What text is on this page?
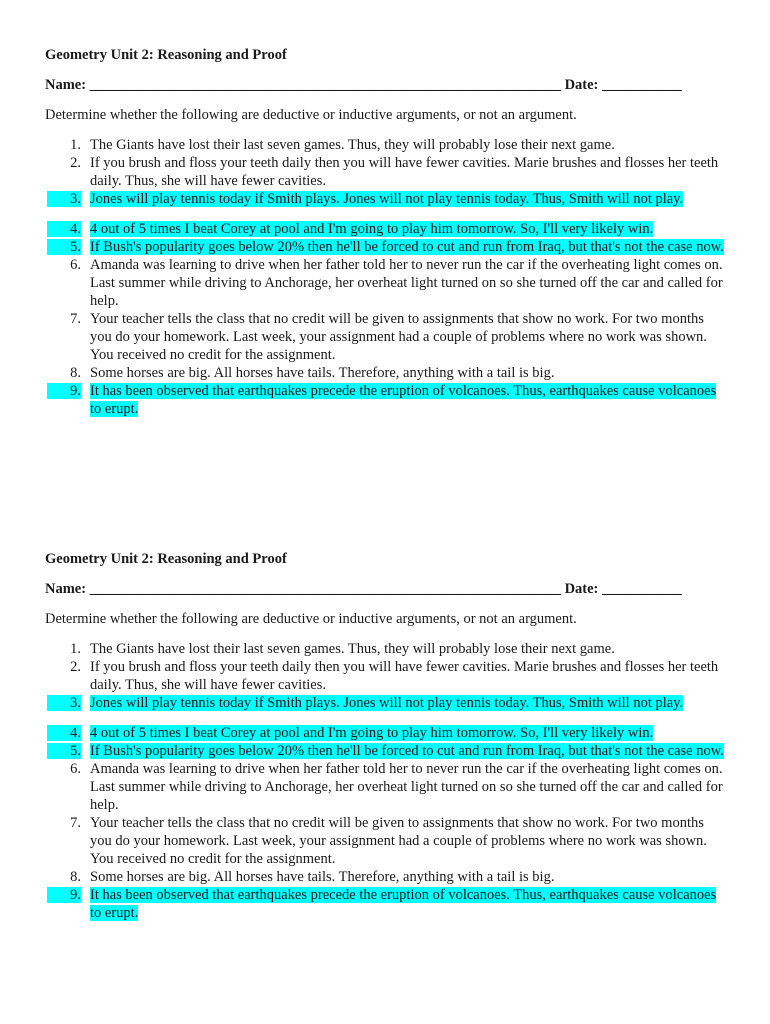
Geometry Unit 2: Reasoning and Proof
Name: _________________________________________________________________ Date: ___________
Determine whether the following are deductive or inductive arguments, or not an argument.
1. The Giants have lost their last seven games. Thus, they will probably lose their next game.
2. If you brush and floss your teeth daily then you will have fewer cavities. Marie brushes and flosses her teeth daily. Thus, she will have fewer cavities.
3. Jones will play tennis today if Smith plays. Jones will not play tennis today. Thus, Smith will not play.
4. 4 out of 5 times I beat Corey at pool and I'm going to play him tomorrow. So, I'll very likely win.
5. If Bush's popularity goes below 20% then he'll be forced to cut and run from Iraq, but that's not the case now.
6. Amanda was learning to drive when her father told her to never run the car if the overheating light comes on. Last summer while driving to Anchorage, her overheat light turned on so she turned off the car and called for help.
7. Your teacher tells the class that no credit will be given to assignments that show no work. For two months you do your homework. Last week, your assignment had a couple of problems where no work was shown. You received no credit for the assignment.
8. Some horses are big. All horses have tails. Therefore, anything with a tail is big.
9. It has been observed that earthquakes precede the eruption of volcanoes. Thus, earthquakes cause volcanoes to erupt.
Geometry Unit 2: Reasoning and Proof
Name: _________________________________________________________________ Date: ___________
Determine whether the following are deductive or inductive arguments, or not an argument.
1. The Giants have lost their last seven games. Thus, they will probably lose their next game.
2. If you brush and floss your teeth daily then you will have fewer cavities. Marie brushes and flosses her teeth daily. Thus, she will have fewer cavities.
3. Jones will play tennis today if Smith plays. Jones will not play tennis today. Thus, Smith will not play.
4. 4 out of 5 times I beat Corey at pool and I'm going to play him tomorrow. So, I'll very likely win.
5. If Bush's popularity goes below 20% then he'll be forced to cut and run from Iraq, but that's not the case now.
6. Amanda was learning to drive when her father told her to never run the car if the overheating light comes on. Last summer while driving to Anchorage, her overheat light turned on so she turned off the car and called for help.
7. Your teacher tells the class that no credit will be given to assignments that show no work. For two months you do your homework. Last week, your assignment had a couple of problems where no work was shown. You received no credit for the assignment.
8. Some horses are big. All horses have tails. Therefore, anything with a tail is big.
9. It has been observed that earthquakes precede the eruption of volcanoes. Thus, earthquakes cause volcanoes to erupt.
